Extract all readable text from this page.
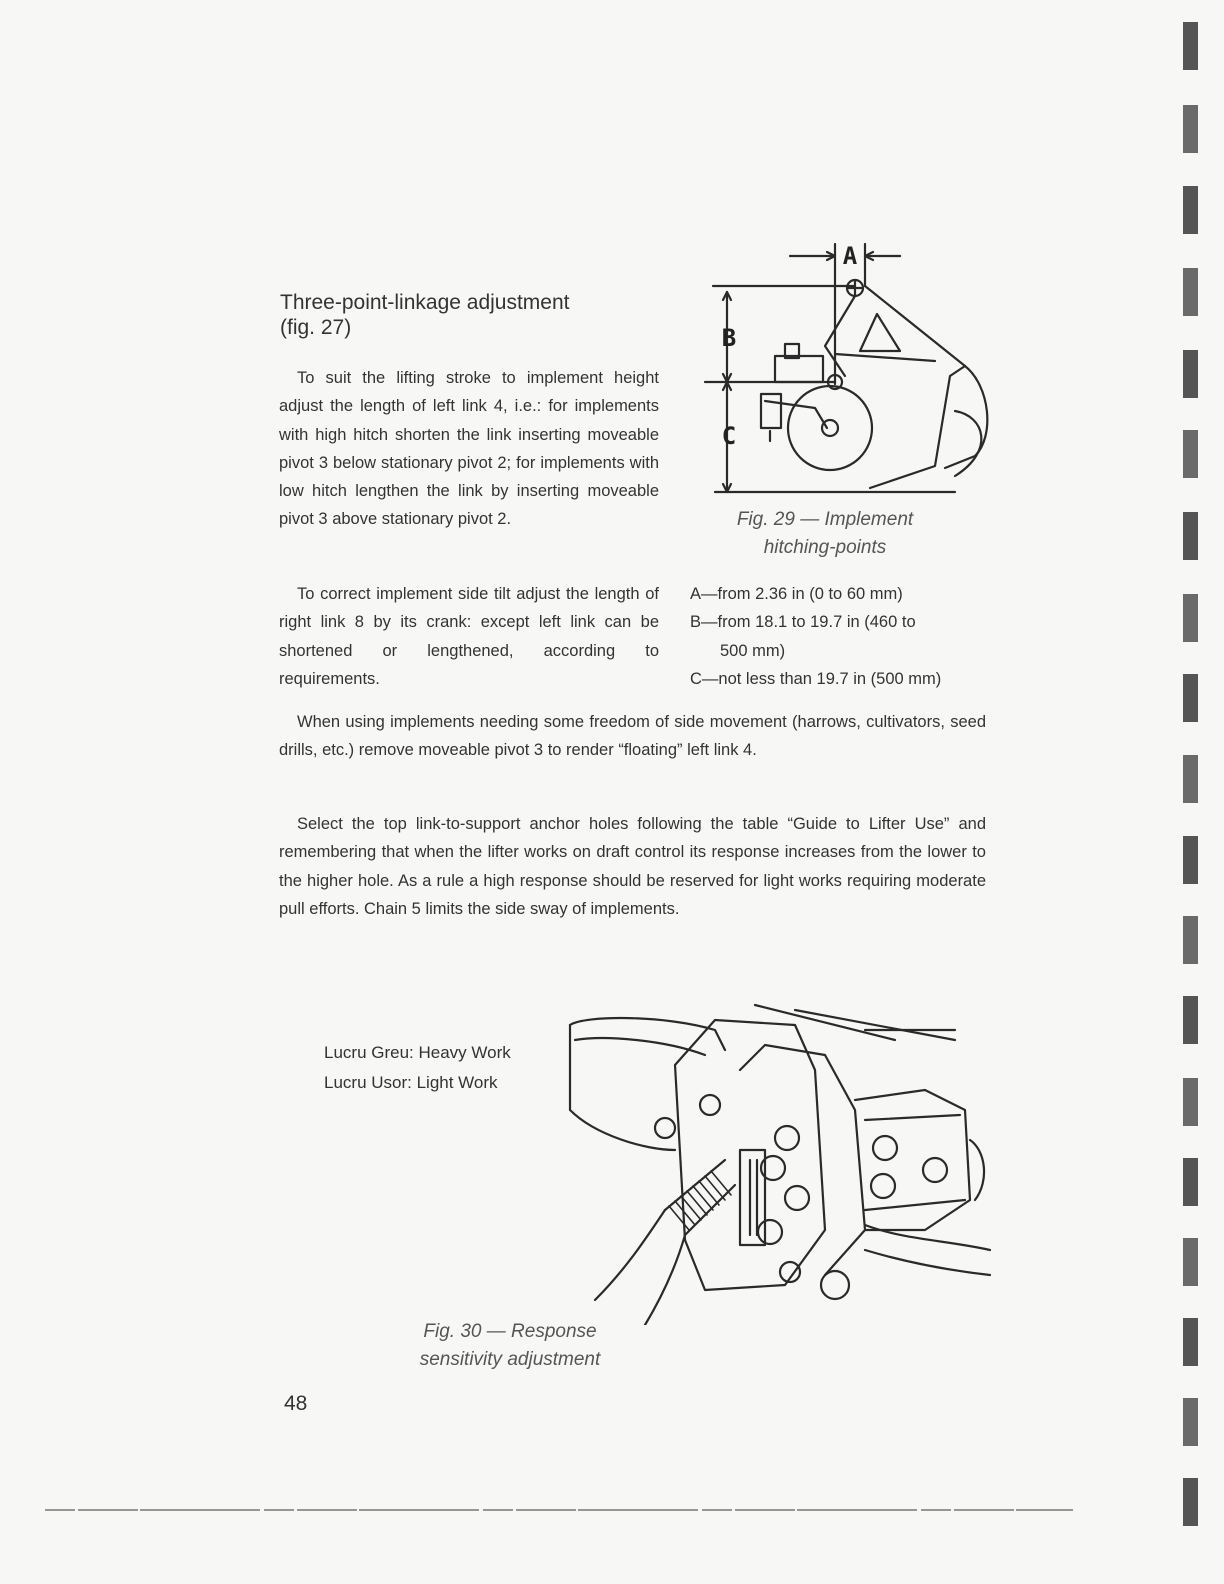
Three-point-linkage adjustment
(fig. 27)
To suit the lifting stroke to implement height adjust the length of left link 4, i.e.: for implements with high hitch shorten the link inserting moveable pivot 3 below stationary pivot 2; for implements with low hitch lengthen the link by inserting moveable pivot 3 above stationary pivot 2.
To correct implement side tilt adjust the length of right link 8 by its crank: except left link can be shortened or lengthened, according to requirements.
When using implements needing some freedom of side movement (harrows, cultivators, seed drills, etc.) remove moveable pivot 3 to render “floating” left link 4.
Select the top link-to-support anchor holes following the table “Guide to Lifter Use” and remembering that when the lifter works on draft control its response increases from the lower to the higher hole. As a rule a high response should be reserved for light works requiring moderate pull efforts. Chain 5 limits the side sway of implements.
A
B
C
Fig. 29 — Implement
hitching-points
A—from 2.36 in (0 to 60 mm)
B—from 18.1 to 19.7 in (460 to
500 mm)
C—not less than 19.7 in (500 mm)
Lucru Greu: Heavy Work
Lucru Usor: Light Work
Fig. 30 — Response
sensitivity adjustment
48
